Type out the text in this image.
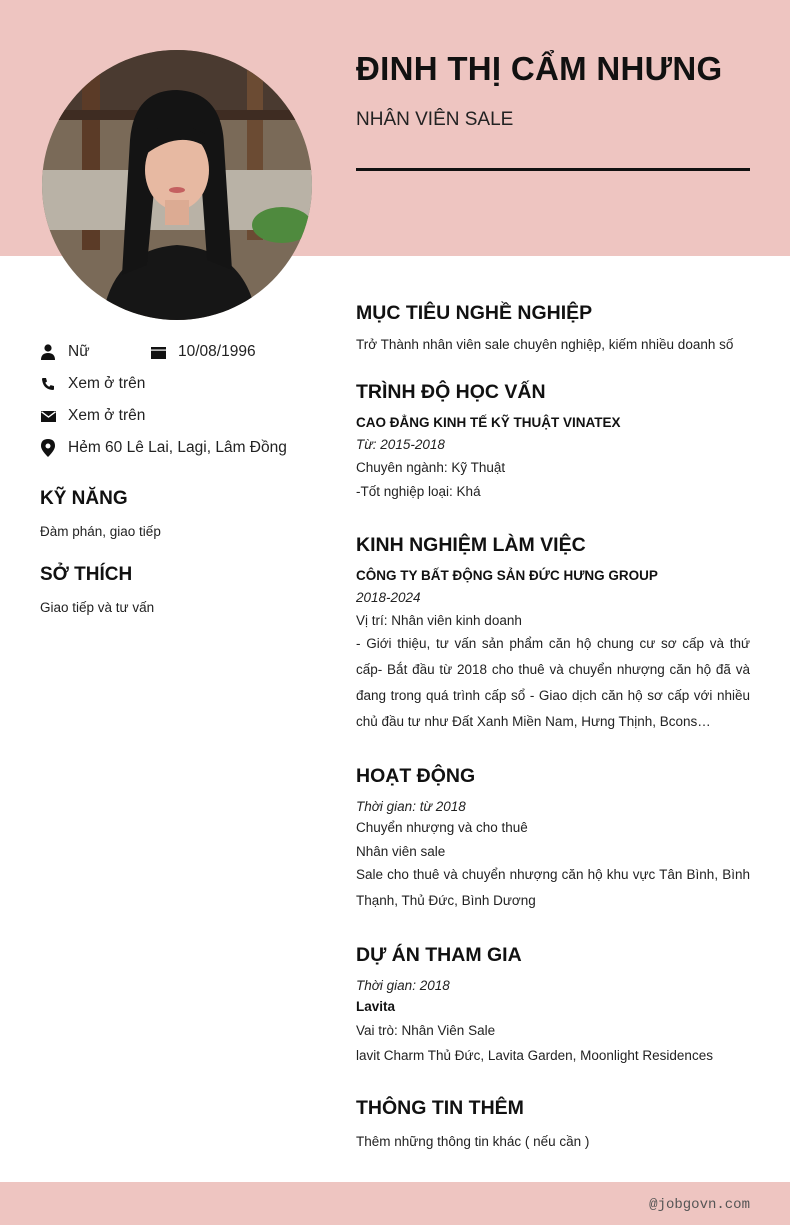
ĐINH THỊ CẨM NHƯNG
NHÂN VIÊN SALE
Nữ	10/08/1996
Xem ở trên
Xem ở trên
Hẻm 60 Lê Lai, Lagi, Lâm Đồng
KỸ NĂNG
Đàm phán, giao tiếp
SỞ THÍCH
Giao tiếp và tư vấn
MỤC TIÊU NGHỀ NGHIỆP
Trở Thành nhân viên sale chuyên nghiệp, kiếm nhiều doanh số
TRÌNH ĐỘ HỌC VẤN
CAO ĐẲNG KINH TẾ KỸ THUẬT VINATEX
Từ: 2015-2018
Chuyên ngành: Kỹ Thuật
-Tốt nghiệp loại: Khá
KINH NGHIỆM LÀM VIỆC
CÔNG TY BẤT ĐỘNG SẢN ĐỨC HƯNG GROUP
2018-2024
Vị trí: Nhân viên kinh doanh
- Giới thiệu, tư vấn sản phẩm căn hộ chung cư sơ cấp và thứ cấp- Bắt đầu từ 2018 cho thuê và chuyển nhượng căn hộ đã và đang trong quá trình cấp sổ - Giao dịch căn hộ sơ cấp với nhiều chủ đầu tư như Đất Xanh Miền Nam, Hưng Thịnh, Bcons…
HOẠT ĐỘNG
Thời gian: từ 2018
Chuyển nhượng và cho thuê
Nhân viên sale
Sale cho thuê và chuyển nhượng căn hộ khu vực Tân Bình, Bình Thạnh, Thủ Đức, Bình Dương
DỰ ÁN THAM GIA
Thời gian: 2018
Lavita
Vai trò: Nhân Viên Sale
lavit Charm Thủ Đức, Lavita Garden, Moonlight Residences
THÔNG TIN THÊM
Thêm những thông tin khác ( nếu cần )
@jobgovn.com
